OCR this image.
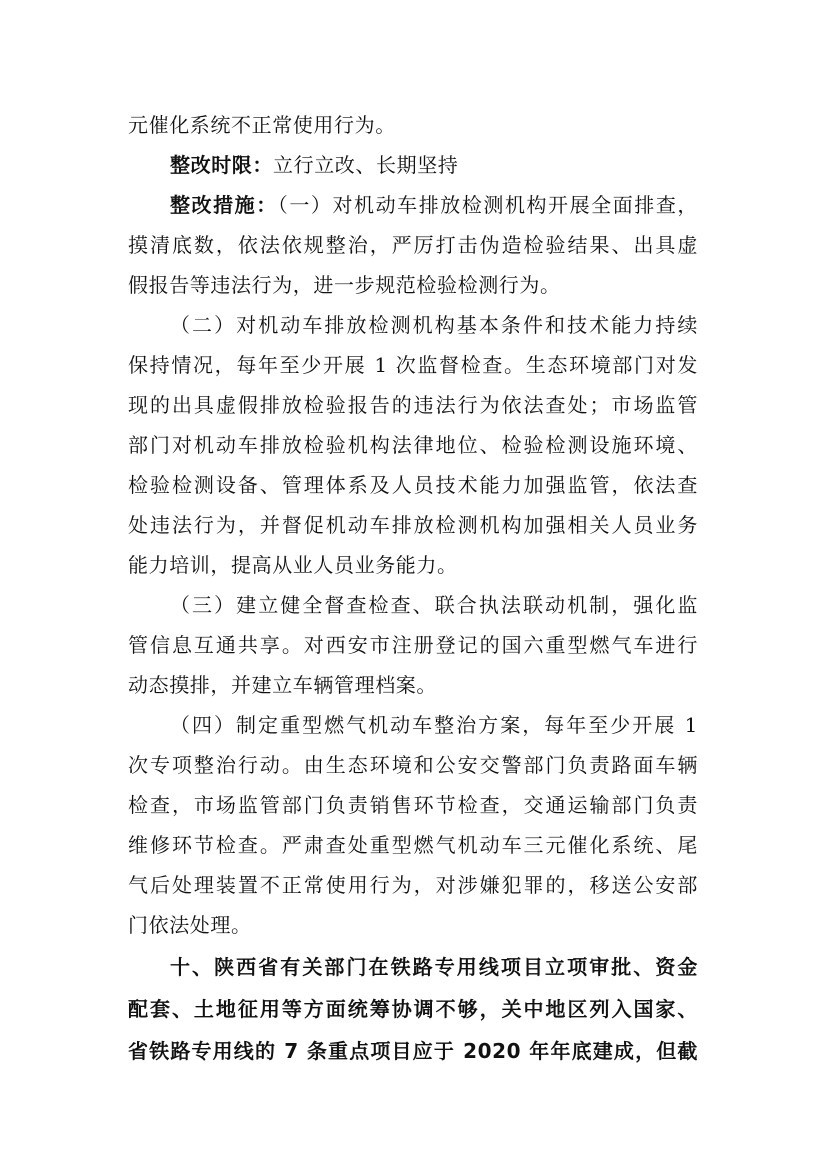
元催化系统不正常使用行为。
整改时限：立行立改、长期坚持
整改措施：（一）对机动车排放检测机构开展全面排查，
摸清底数，依法依规整治，严厉打击伪造检验结果、出具虚
假报告等违法行为，进一步规范检验检测行为。
（二）对机动车排放检测机构基本条件和技术能力持续
保持情况，每年至少开展 1 次监督检查。生态环境部门对发
现的出具虚假排放检验报告的违法行为依法查处；市场监管
部门对机动车排放检验机构法律地位、检验检测设施环境、
检验检测设备、管理体系及人员技术能力加强监管，依法查
处违法行为，并督促机动车排放检测机构加强相关人员业务
能力培训，提高从业人员业务能力。
（三）建立健全督查检查、联合执法联动机制，强化监
管信息互通共享。对西安市注册登记的国六重型燃气车进行
动态摸排，并建立车辆管理档案。
（四）制定重型燃气机动车整治方案，每年至少开展 1
次专项整治行动。由生态环境和公安交警部门负责路面车辆
检查，市场监管部门负责销售环节检查，交通运输部门负责
维修环节检查。严肃查处重型燃气机动车三元催化系统、尾
气后处理装置不正常使用行为，对涉嫌犯罪的，移送公安部
门依法处理。
十、陕西省有关部门在铁路专用线项目立项审批、资金
配套、土地征用等方面统筹协调不够，关中地区列入国家、
省铁路专用线的 7 条重点项目应于 2020 年年底建成，但截
